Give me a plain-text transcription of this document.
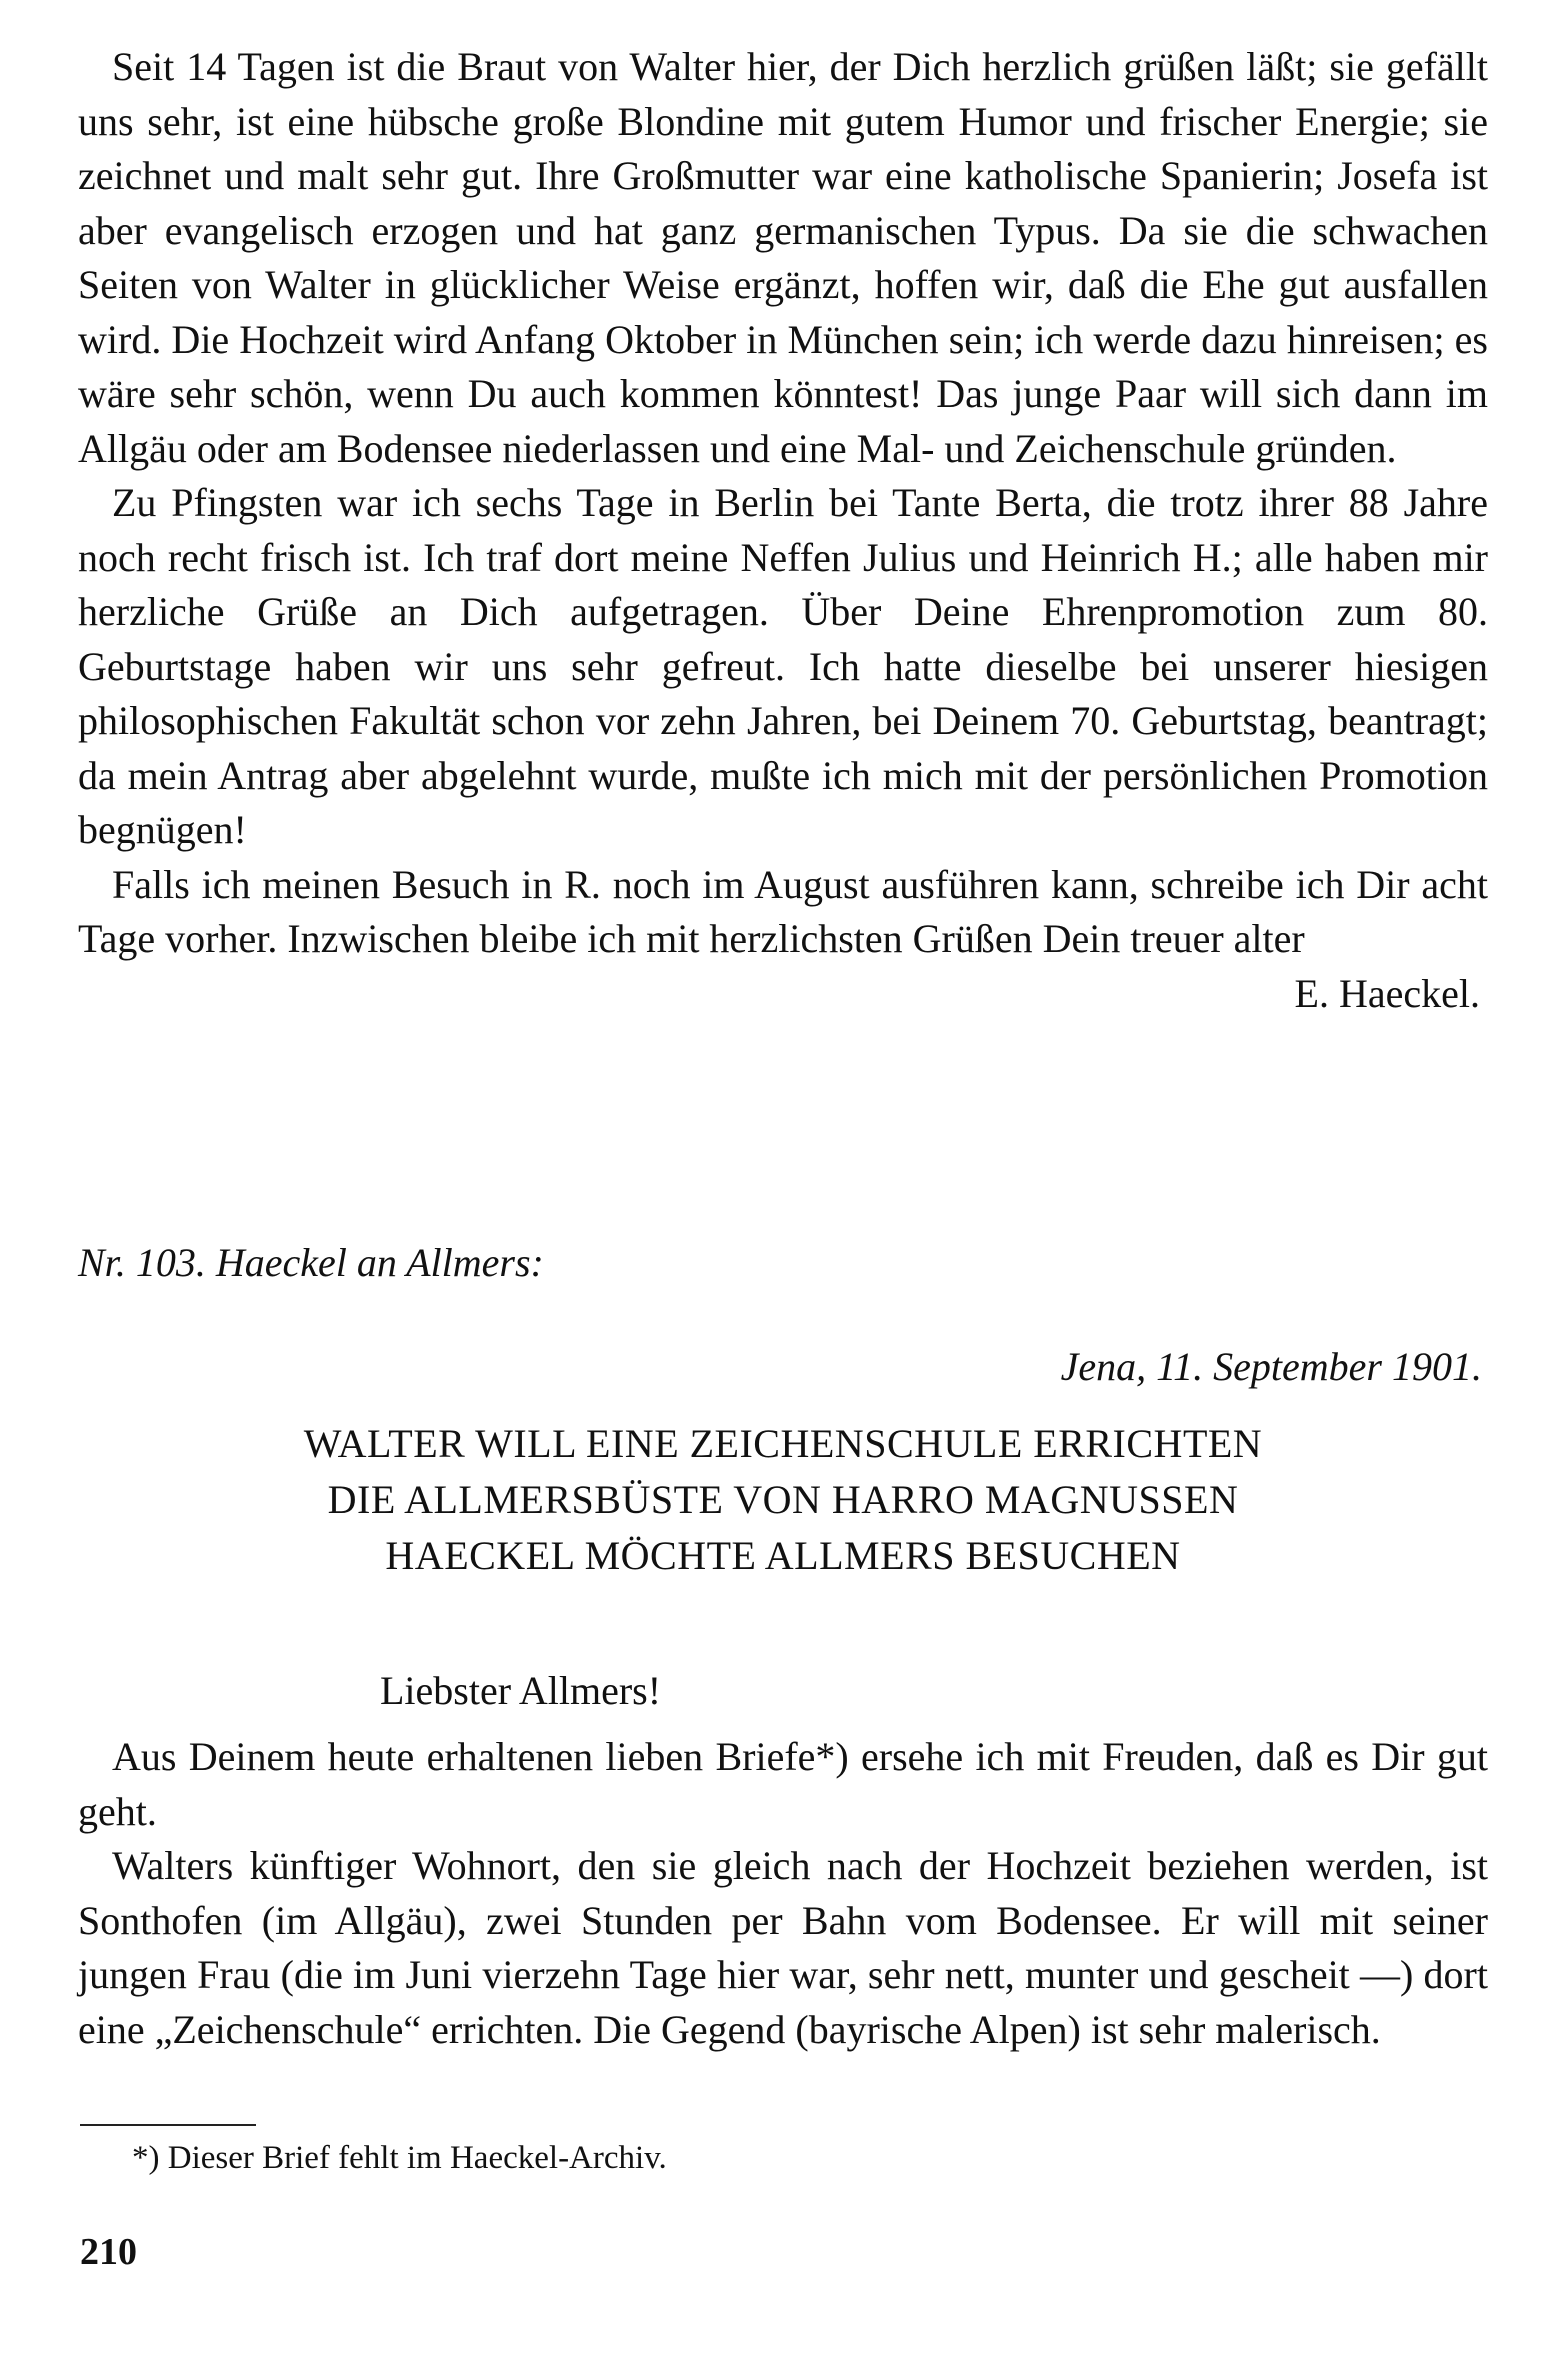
Seit 14 Tagen ist die Braut von Walter hier, der Dich herzlich grüßen läßt; sie gefällt uns sehr, ist eine hübsche große Blondine mit gutem Humor und frischer Energie; sie zeichnet und malt sehr gut. Ihre Großmutter war eine katholische Spanierin; Josefa ist aber evangelisch erzogen und hat ganz germanischen Typus. Da sie die schwachen Seiten von Walter in glücklicher Weise ergänzt, hoffen wir, daß die Ehe gut ausfallen wird. Die Hochzeit wird Anfang Oktober in München sein; ich werde dazu hinreisen; es wäre sehr schön, wenn Du auch kommen könntest! Das junge Paar will sich dann im Allgäu oder am Bodensee niederlassen und eine Mal- und Zeichenschule gründen.

Zu Pfingsten war ich sechs Tage in Berlin bei Tante Berta, die trotz ihrer 88 Jahre noch recht frisch ist. Ich traf dort meine Neffen Julius und Heinrich H.; alle haben mir herzliche Grüße an Dich aufgetragen. Über Deine Ehrenpromotion zum 80. Geburtstage haben wir uns sehr gefreut. Ich hatte dieselbe bei unserer hiesigen philosophischen Fakultät schon vor zehn Jahren, bei Deinem 70. Geburtstag, beantragt; da mein Antrag aber abgelehnt wurde, mußte ich mich mit der persönlichen Promotion begnügen!

Falls ich meinen Besuch in R. noch im August ausführen kann, schreibe ich Dir acht Tage vorher. Inzwischen bleibe ich mit herzlichsten Grüßen Dein treuer alter

E. Haeckel.

Nr. 103. Haeckel an Allmers:

Jena, 11. September 1901.

WALTER WILL EINE ZEICHENSCHULE ERRICHTEN
DIE ALLMERSBÜSTE VON HARRO MAGNUSSEN
HAECKEL MÖCHTE ALLMERS BESUCHEN

Liebster Allmers!

Aus Deinem heute erhaltenen lieben Briefe*) ersehe ich mit Freuden, daß es Dir gut geht.

Walters künftiger Wohnort, den sie gleich nach der Hochzeit beziehen werden, ist Sonthofen (im Allgäu), zwei Stunden per Bahn vom Bodensee. Er will mit seiner jungen Frau (die im Juni vierzehn Tage hier war, sehr nett, munter und gescheit —) dort eine „Zeichenschule“ errichten. Die Gegend (bayrische Alpen) ist sehr malerisch.

*) Dieser Brief fehlt im Haeckel-Archiv.

210
